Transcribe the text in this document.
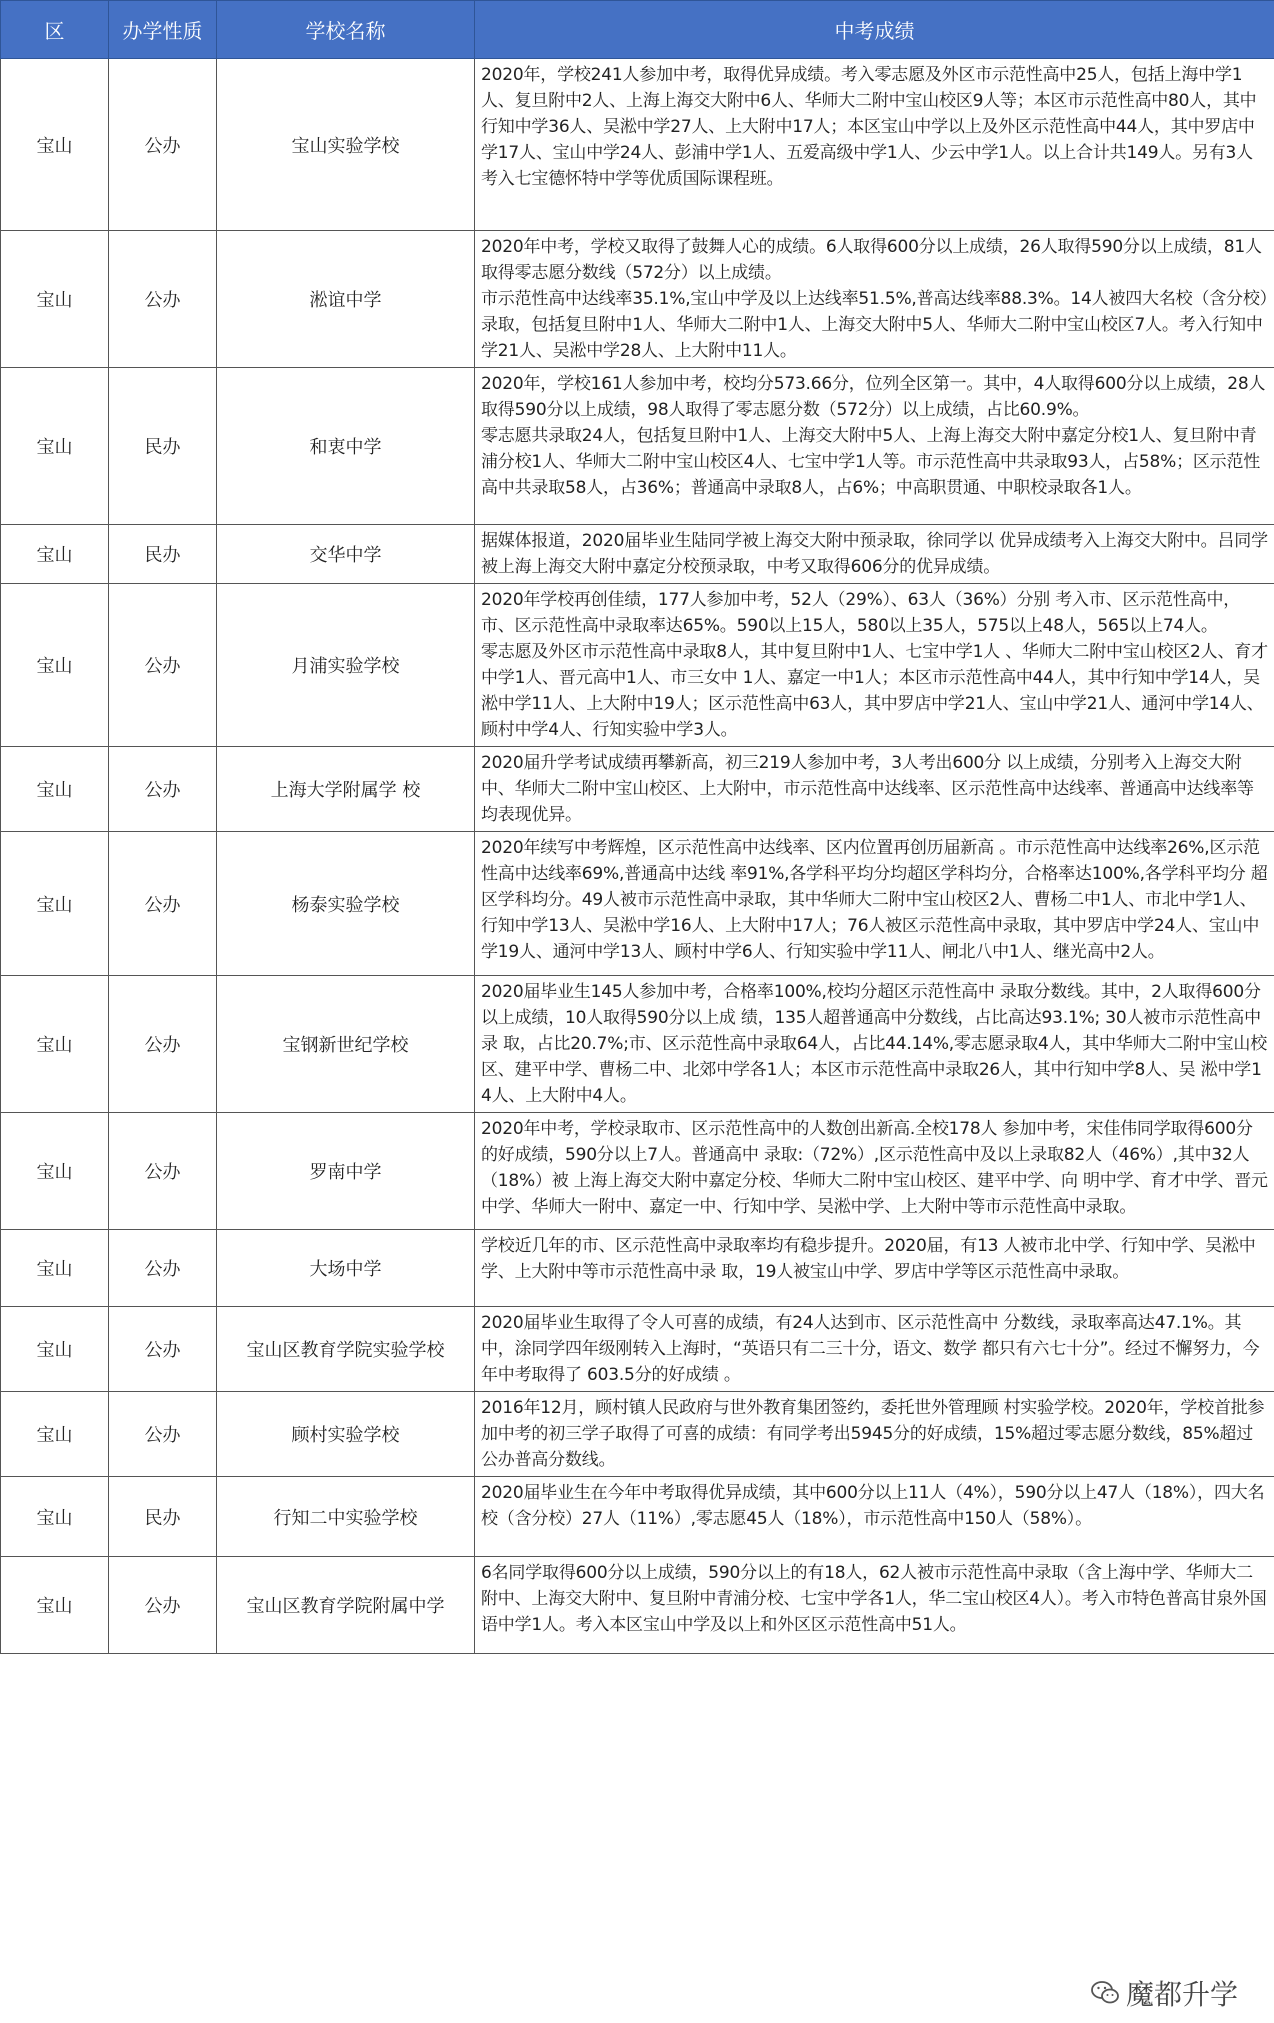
区	办学性质	学校名称	中考成绩
宝山	公办	宝山实验学校	2020年，学校241人参加中考，取得优异成绩。考入零志愿及外区市示范性高中25人，包括上海中学1人、复旦附中2人、上海上海交大附中6人、华师大二附中宝山校区9人等；本区市示范性高中80人，其中行知中学36人、吴淞中学27人、上大附中17人；本区宝山中学以上及外区示范性高中44人，其中罗店中学17人、宝山中学24人、彭浦中学1人、五爱高级中学1人、少云中学1人。以上合计共149人。另有3人考入七宝德怀特中学等优质国际课程班。

宝山	公办	淞谊中学	2020年中考，学校又取得了鼓舞人心的成绩。6人取得600分以上成绩，26人取得590分以上成绩，81人取得零志愿分数线（572分）以上成绩。
市示范性高中达线率35.1%,宝山中学及以上达线率51.5%,普高达线率88.3%。14人被四大名校（含分校）录取，包括复旦附中1人、华师大二附中1人、上海交大附中5人、华师大二附中宝山校区7人。考入行知中学21人、吴淞中学28人、上大附中11人。

宝山	民办	和衷中学	2020年，学校161人参加中考，校均分573.66分，位列全区第一。其中，4人取得600分以上成绩，28人取得590分以上成绩，98人取得了零志愿分数（572分）以上成绩，占比60.9%。
零志愿共录取24人，包括复旦附中1人、上海交大附中5人、上海上海交大附中嘉定分校1人、复旦附中青浦分校1人、华师大二附中宝山校区4人、七宝中学1人等。市示范性高中共录取93人，占58%；区示范性高中共录取58人，占36%；普通高中录取8人，占6%；中高职贯通、中职校录取各1人。

宝山	民办	交华中学	据媒体报道，2020届毕业生陆同学被上海交大附中预录取，徐同学以 优异成绩考入上海交大附中。吕同学被上海上海交大附中嘉定分校预录取，中考又取得606分的优异成绩。

宝山	公办	月浦实验学校	2020年学校再创佳绩，177人参加中考，52人（29%）、63人（36%）分别 考入市、区示范性高中，市、区示范性高中录取率达65%。590以上15人，580以上35人，575以上48人，565以上74人。
零志愿及外区市示范性高中录取8人，其中复旦附中1人、七宝中学1人 、华师大二附中宝山校区2人、育才中学1人、晋元高中1人、市三女中 1人、嘉定一中1人；本区市示范性高中44人，其中行知中学14人，吴淞中学11人、上大附中19人；区示范性高中63人，其中罗店中学21人、宝山中学21人、通河中学14人、顾村中学4人、行知实验中学3人。

宝山	公办	上海大学附属学 校	2020届升学考试成绩再攀新高，初三219人参加中考，3人考出600分 以上成绩，分别考入上海交大附中、华师大二附中宝山校区、上大附中，市示范性高中达线率、区示范性高中达线率、普通高中达线率等 均表现优异。

宝山	公办	杨泰实验学校	2020年续写中考辉煌，区示范性高中达线率、区内位置再创历届新高 。市示范性高中达线率26%,区示范性高中达线率69%,普通高中达线 率91%,各学科平均分均超区学科均分，合格率达100%,各学科平均分 超区学科均分。49人被市示范性高中录取，其中华师大二附中宝山校区2人、曹杨二中1人、市北中学1人、行知中学13人、吴淞中学16人、上大附中17人；76人被区示范性高中录取，其中罗店中学24人、宝山中学19人、通河中学13人、顾村中学6人、行知实验中学11人、闸北八中1人、继光高中2人。

宝山	公办	宝钢新世纪学校	2020届毕业生145人参加中考，合格率100%,校均分超区示范性高中 录取分数线。其中，2人取得600分以上成绩，10人取得590分以上成 绩，135人超普通高中分数线，占比高达93.1%; 30人被市示范性高中录 取，占比20.7%;市、区示范性高中录取64人，占比44.14%,零志愿录取4人，其中华师大二附中宝山校区、建平中学、曹杨二中、北郊中学各1人；本区市示范性高中录取26人，其中行知中学8人、吴 淞中学14人、上大附中4人。

宝山	公办	罗南中学	2020年中考，学校录取市、区示范性高中的人数创出新高.全校178人 参加中考，宋佳伟同学取得600分的好成绩，590分以上7人。普通高中 录取:（72%）,区示范性高中及以上录取82人（46%）,其中32人（18%）被 上海上海交大附中嘉定分校、华师大二附中宝山校区、建平中学、向 明中学、育才中学、晋元中学、华师大一附中、嘉定一中、行知中学、吴淞中学、上大附中等市示范性高中录取。

宝山	公办	大场中学	学校近几年的市、区示范性高中录取率均有稳步提升。2020届，有13 人被市北中学、行知中学、吴淞中学、上大附中等市示范性高中录 取，19人被宝山中学、罗店中学等区示范性高中录取。

宝山	公办	宝山区教育学院实验学校	2020届毕业生取得了令人可喜的成绩，有24人达到市、区示范性高中 分数线，录取率高达47.1%。其中，涂同学四年级刚转入上海时，“英语只有二三十分，语文、数学 都只有六七十分”。经过不懈努力，今年中考取得了 603.5分的好成绩 。

宝山	公办	顾村实验学校	2016年12月，顾村镇人民政府与世外教育集团签约，委托世外管理顾 村实验学校。2020年，学校首批参加中考的初三学子取得了可喜的成绩：有同学考出5945分的好成绩，15%超过零志愿分数线，85%超过公办普高分数线。

宝山	民办	行知二中实验学校	2020届毕业生在今年中考取得优异成绩，其中600分以上11人（4%），590分以上47人（18%），四大名校（含分校）27人（11%）,零志愿45人（18%），市示范性高中150人（58%）。

宝山	公办	宝山区教育学院附属中学	6名同学取得600分以上成绩，590分以上的有18人，62人被市示范性高中录取（含上海中学、华师大二附中、上海交大附中、复旦附中青浦分校、七宝中学各1人，华二宝山校区4人）。考入市特色普高甘泉外国语中学1人。考入本区宝山中学及以上和外区区示范性高中51人。
魔都升学
